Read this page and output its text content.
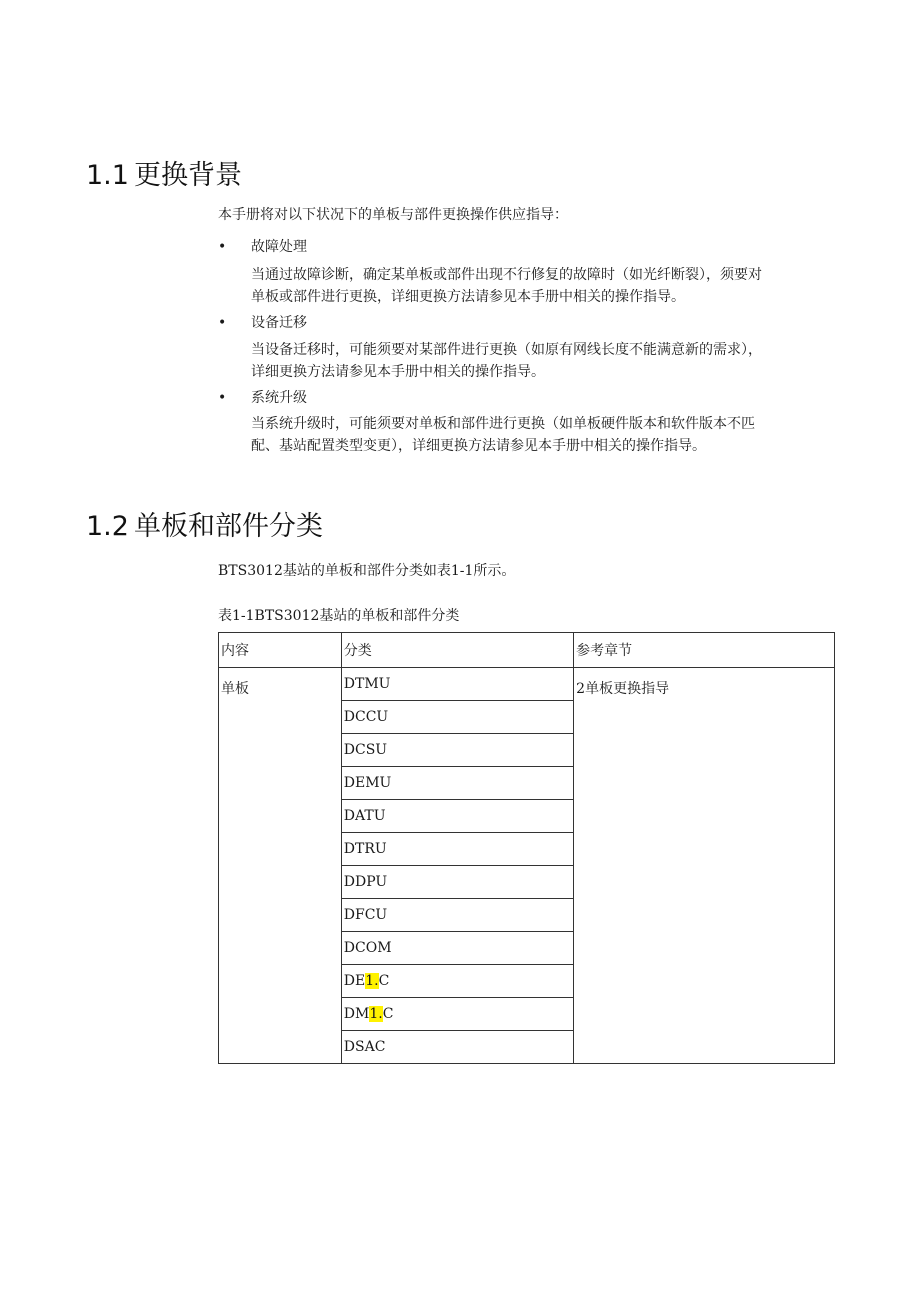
1.1 更换背景
本手册将对以下状况下的单板与部件更换操作供应指导：
• 故障处理
当通过故障诊断，确定某单板或部件出现不行修复的故障时（如光纤断裂），须要对
单板或部件进行更换，详细更换方法请参见本手册中相关的操作指导。
• 设备迁移
当设备迁移时，可能须要对某部件进行更换（如原有网线长度不能满意新的需求），
详细更换方法请参见本手册中相关的操作指导。
• 系统升级
当系统升级时，可能须要对单板和部件进行更换（如单板硬件版本和软件版本不匹
配、基站配置类型变更），详细更换方法请参见本手册中相关的操作指导。
1.2 单板和部件分类
BTS3012基站的单板和部件分类如表1-1所示。
表1-1BTS3012基站的单板和部件分类
内容	分类	参考章节
单板	DTMU	2单板更换指导
	DCCU	
	DCSU	
	DEMU	
	DATU	
	DTRU	
	DDPU	
	DFCU	
	DCOM	
	DE1.C	
	DM1.C	
	DSAC	
